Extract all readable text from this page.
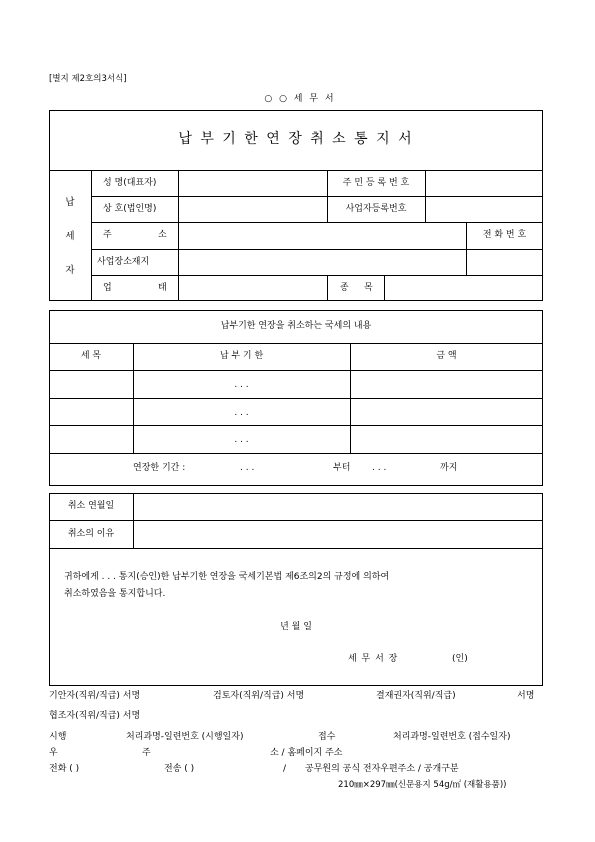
[별지 제2호의3서식]
○ ○ 세 무 서
납 부 기 한 연 장 취 소 통 지 서
납
세
자
성 명(대표자)	주 민 등 록 번 호
상 호(법인명)	사업자등록번호
주	소	전 화 번 호
사업장소재지
업	태	종 목
납부기한 연장을 취소하는 국세의 내용
세 목	납 부 기 한	금 액
. . .
. . .
. . .
연장한 기간 :	. . .	부터 . . .	까지
취소 연월일
취소의 이유
귀하에게 . . . 통지(승인)한 납부기한 연장을 국세기본법 제6조의2의 규정에 의하여
취소하였음을 통지합니다.
년 월 일
세 무 서 장	(인)
기안자(직위/직급) 서명	검토자(직위/직급) 서명	결재권자(직위/직급)	서명
협조자(직위/직급) 서명
시행	처리과명-일련번호 (시행일자)	접수	처리과명-일련번호 (접수일자)
우	주	소 / 홈페이지 주소
전화 ( )	전송 ( )	/ 공무원의 공식 전자우편주소 / 공개구분
210㎜×297㎜(신문용지 54g/㎡ (재활용품))
